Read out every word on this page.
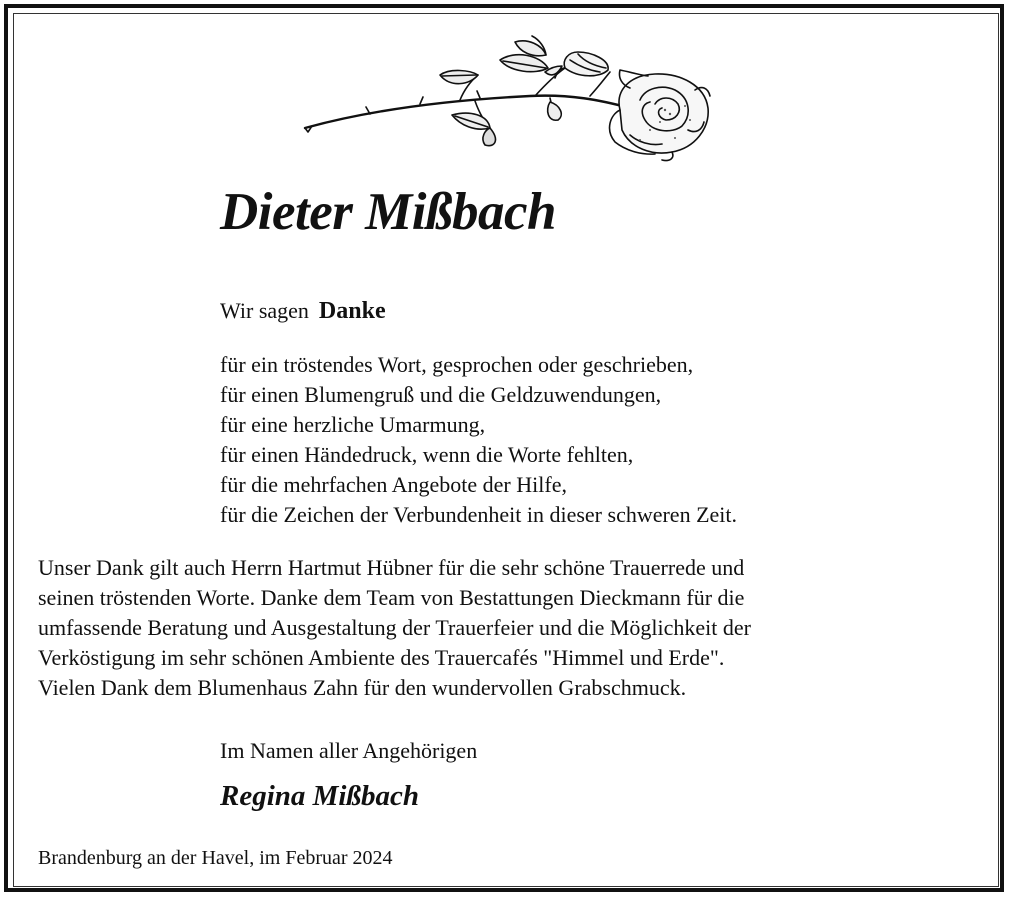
Dieter Mißbach
Wir sagen Danke
für ein tröstendes Wort, gesprochen oder geschrieben,
für einen Blumengruß und die Geldzuwendungen,
für eine herzliche Umarmung,
für einen Händedruck, wenn die Worte fehlten,
für die mehrfachen Angebote der Hilfe,
für die Zeichen der Verbundenheit in dieser schweren Zeit.
Unser Dank gilt auch Herrn Hartmut Hübner für die sehr schöne Trauerrede und
seinen tröstenden Worte. Danke dem Team von Bestattungen Dieckmann für die
umfassende Beratung und Ausgestaltung der Trauerfeier und die Möglichkeit der
Verköstigung im sehr schönen Ambiente des Trauercafés "Himmel und Erde".
Vielen Dank dem Blumenhaus Zahn für den wundervollen Grabschmuck.
Im Namen aller Angehörigen
Regina Mißbach
Brandenburg an der Havel, im Februar 2024
